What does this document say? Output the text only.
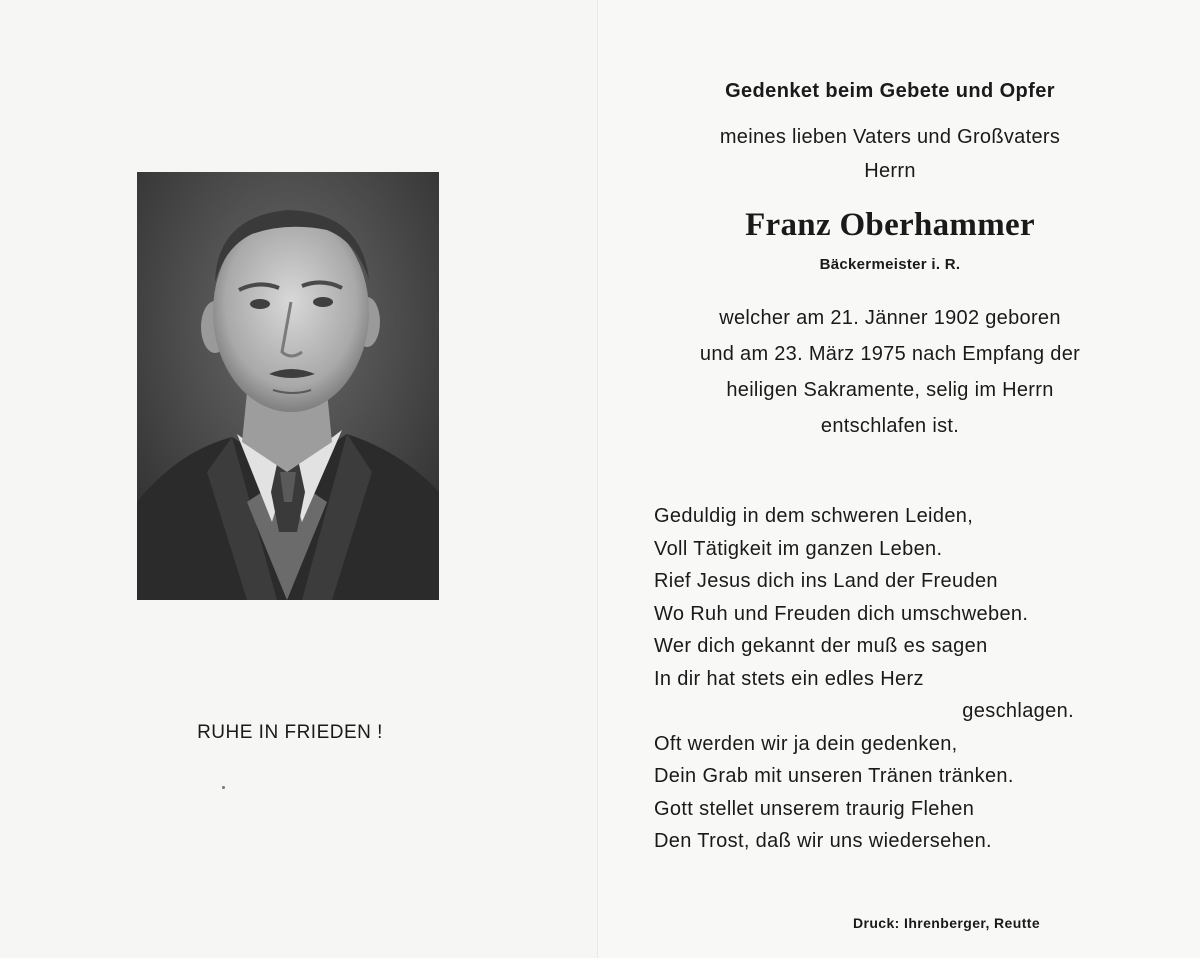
RUHE IN FRIEDEN !
Gedenket beim Gebete und Opfer
meines lieben Vaters und Großvaters
Herrn
Franz Oberhammer
Bäckermeister i. R.
welcher am 21. Jänner 1902 geboren
und am 23. März 1975 nach Empfang der
heiligen Sakramente, selig im Herrn
entschlafen ist.
Geduldig in dem schweren Leiden,
Voll Tätigkeit im ganzen Leben.
Rief Jesus dich ins Land der Freuden
Wo Ruh und Freuden dich umschweben.
Wer dich gekannt der muß es sagen
In dir hat stets ein edles Herz
geschlagen.
Oft werden wir ja dein gedenken,
Dein Grab mit unseren Tränen tränken.
Gott stellet unserem traurig Flehen
Den Trost, daß wir uns wiedersehen.
Druck: Ihrenberger, Reutte
